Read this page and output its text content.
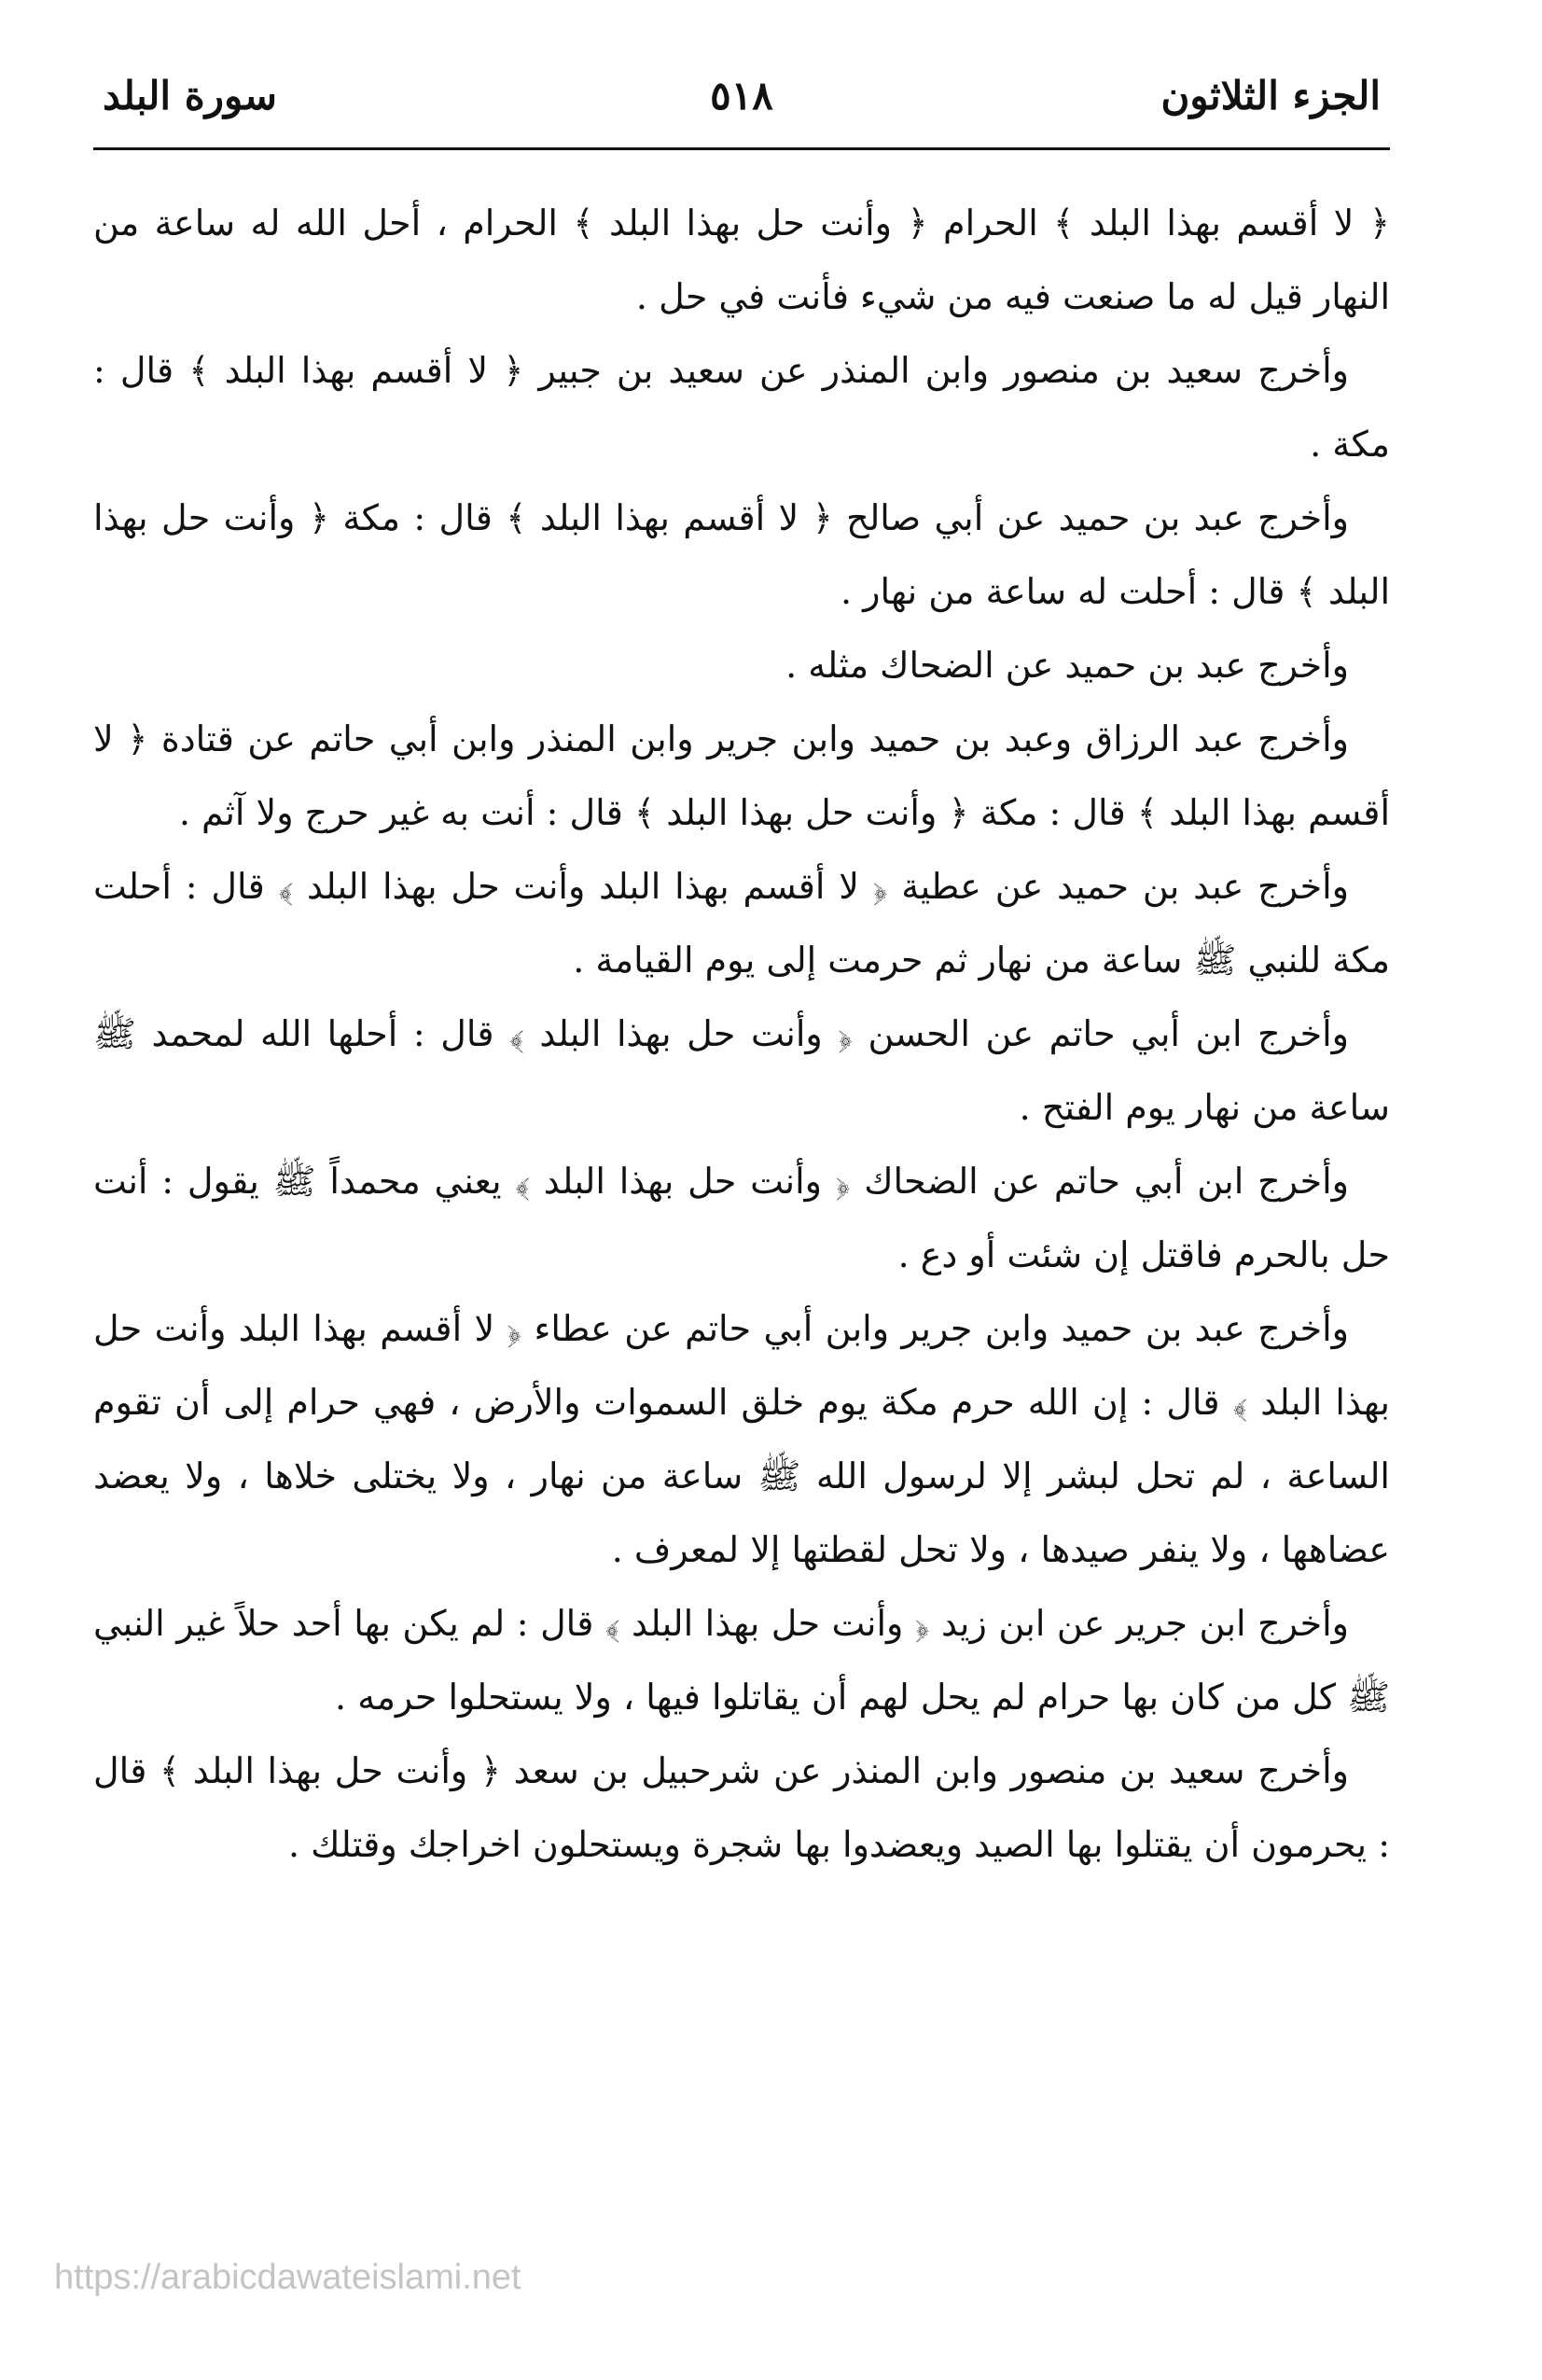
الجزء الثلاثون
٥١٨
سورة البلد

﴿ لا أقسم بهذا البلد ﴾ الحرام ﴿ وأنت حل بهذا البلد ﴾ الحرام ، أحل الله له ساعة من النهار قيل له ما صنعت فيه من شيء فأنت في حل .

وأخرج سعيد بن منصور وابن المنذر عن سعيد بن جبير ﴿ لا أقسم بهذا البلد ﴾ قال : مكة .

وأخرج عبد بن حميد عن أبي صالح ﴿ لا أقسم بهذا البلد ﴾ قال : مكة ﴿ وأنت حل بهذا البلد ﴾ قال : أحلت له ساعة من نهار .

وأخرج عبد بن حميد عن الضحاك مثله .

وأخرج عبد الرزاق وعبد بن حميد وابن جرير وابن المنذر وابن أبي حاتم عن قتادة ﴿ لا أقسم بهذا البلد ﴾ قال : مكة ﴿ وأنت حل بهذا البلد ﴾ قال : أنت به غير حرج ولا آثم .

وأخرج عبد بن حميد عن عطية ﴿ لا أقسم بهذا البلد وأنت حل بهذا البلد ﴾ قال : أحلت مكة للنبي ﷺ ساعة من نهار ثم حرمت إلى يوم القيامة .

وأخرج ابن أبي حاتم عن الحسن ﴿ وأنت حل بهذا البلد ﴾ قال : أحلها الله لمحمد ﷺ ساعة من نهار يوم الفتح .

وأخرج ابن أبي حاتم عن الضحاك ﴿ وأنت حل بهذا البلد ﴾ يعني محمداً ﷺ يقول : أنت حل بالحرم فاقتل إن شئت أو دع .

وأخرج عبد بن حميد وابن جرير وابن أبي حاتم عن عطاء ﴿ لا أقسم بهذا البلد وأنت حل بهذا البلد ﴾ قال : إن الله حرم مكة يوم خلق السموات والأرض ، فهي حرام إلى أن تقوم الساعة ، لم تحل لبشر إلا لرسول الله ﷺ ساعة من نهار ، ولا يختلى خلاها ، ولا يعضد عضاهها ، ولا ينفر صيدها ، ولا تحل لقطتها إلا لمعرف .

وأخرج ابن جرير عن ابن زيد ﴿ وأنت حل بهذا البلد ﴾ قال : لم يكن بها أحد حلاً غير النبي ﷺ كل من كان بها حرام لم يحل لهم أن يقاتلوا فيها ، ولا يستحلوا حرمه .

وأخرج سعيد بن منصور وابن المنذر عن شرحبيل بن سعد ﴿ وأنت حل بهذا البلد ﴾ قال : يحرمون أن يقتلوا بها الصيد ويعضدوا بها شجرة ويستحلون اخراجك وقتلك .

https://arabicdawateislami.net
